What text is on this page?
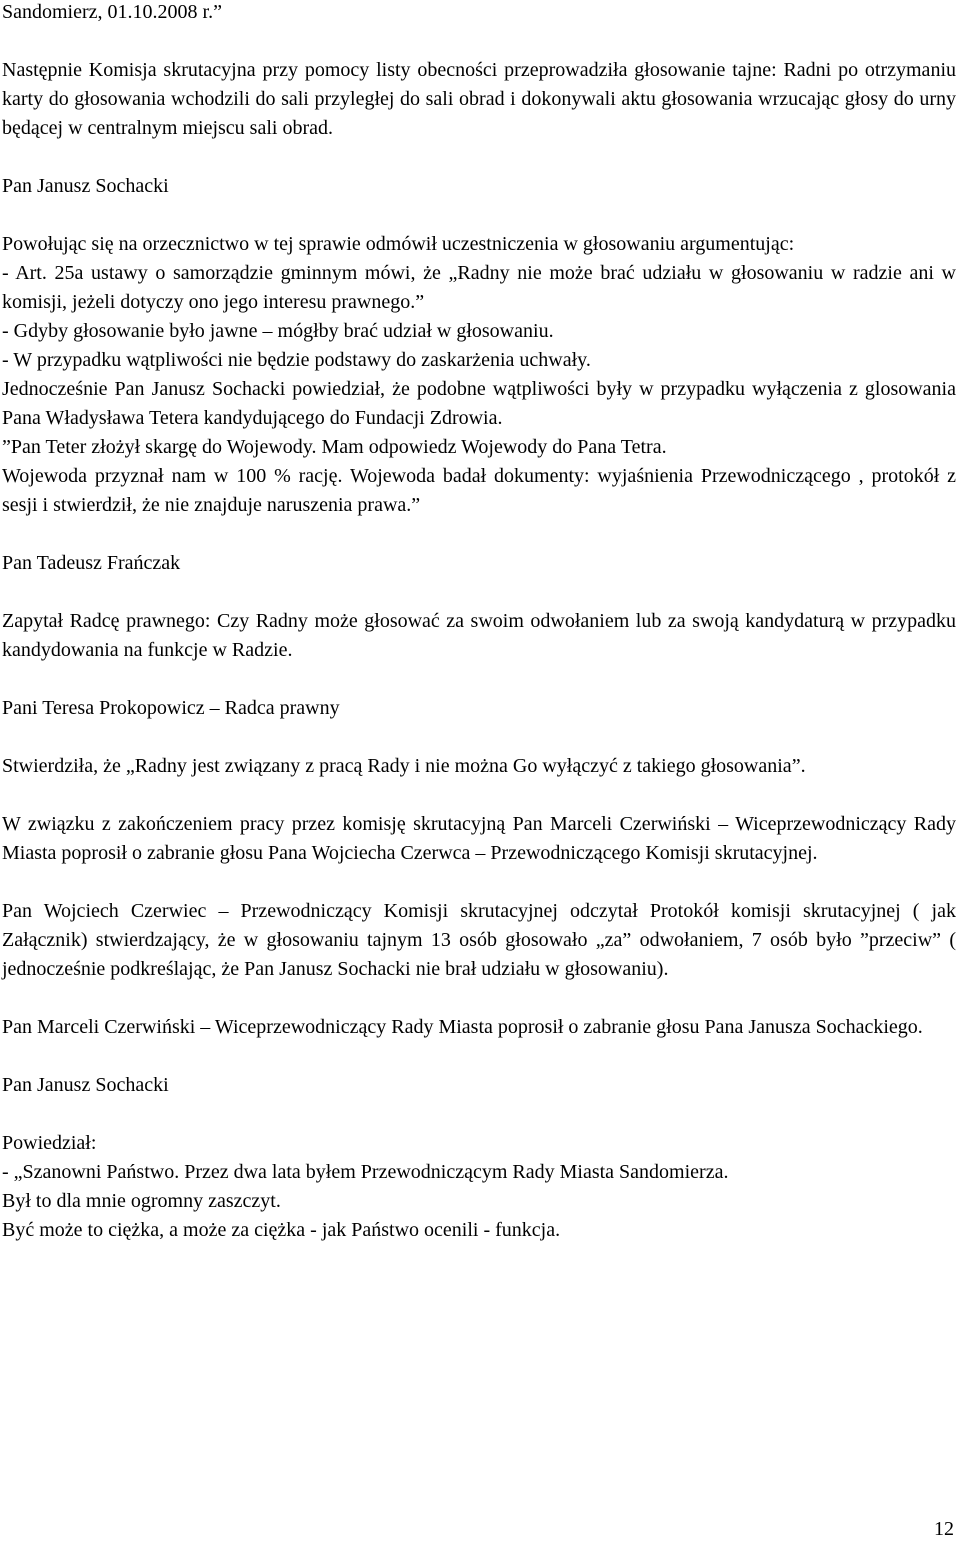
Sandomierz, 01.10.2008 r.”

Następnie Komisja skrutacyjna przy pomocy listy obecności przeprowadziła głosowanie tajne: Radni po otrzymaniu karty do głosowania wchodzili do sali przyległej do sali obrad i dokonywali aktu głosowania wrzucając głosy do urny będącej w centralnym miejscu sali obrad.

Pan Janusz Sochacki

Powołując się na orzecznictwo w tej sprawie odmówił uczestniczenia w głosowaniu argumentując:

- Art. 25a ustawy o samorządzie gminnym mówi, że „Radny nie może brać udziału w głosowaniu w radzie ani w komisji, jeżeli dotyczy ono jego interesu prawnego.”

- Gdyby głosowanie było jawne – mógłby brać udział w głosowaniu.

- W przypadku wątpliwości nie będzie podstawy do zaskarżenia uchwały.

Jednocześnie Pan Janusz Sochacki powiedział, że podobne wątpliwości były w przypadku wyłączenia z glosowania Pana Władysława Tetera kandydującego do Fundacji Zdrowia.

”Pan Teter złożył skargę do Wojewody. Mam odpowiedz Wojewody do Pana Tetra.

Wojewoda przyznał nam w 100 % rację. Wojewoda badał dokumenty: wyjaśnienia Przewodniczącego , protokół z sesji i stwierdził, że nie znajduje naruszenia prawa.”

Pan Tadeusz Frańczak

Zapytał Radcę prawnego: Czy Radny może głosować za swoim odwołaniem lub za swoją kandydaturą w przypadku kandydowania na funkcje w Radzie.

Pani Teresa Prokopowicz – Radca prawny

Stwierdziła, że „Radny jest związany z pracą Rady i nie można Go wyłączyć z takiego głosowania”.

W związku z zakończeniem pracy przez komisję skrutacyjną Pan Marceli Czerwiński – Wiceprzewodniczący Rady Miasta poprosił o zabranie głosu Pana Wojciecha Czerwca – Przewodniczącego Komisji skrutacyjnej.

Pan Wojciech Czerwiec – Przewodniczący Komisji skrutacyjnej odczytał Protokół komisji skrutacyjnej ( jak Załącznik) stwierdzający, że w głosowaniu tajnym 13 osób głosowało „za” odwołaniem, 7 osób było ”przeciw” ( jednocześnie podkreślając, że Pan Janusz Sochacki nie brał udziału w głosowaniu).

Pan Marceli Czerwiński – Wiceprzewodniczący Rady Miasta poprosił o zabranie głosu Pana Janusza Sochackiego.

Pan Janusz Sochacki

Powiedział:

- „Szanowni Państwo. Przez dwa lata byłem Przewodniczącym Rady Miasta Sandomierza.

Był to dla mnie ogromny zaszczyt.

Być może to ciężka, a może za ciężka - jak Państwo ocenili - funkcja.

12
